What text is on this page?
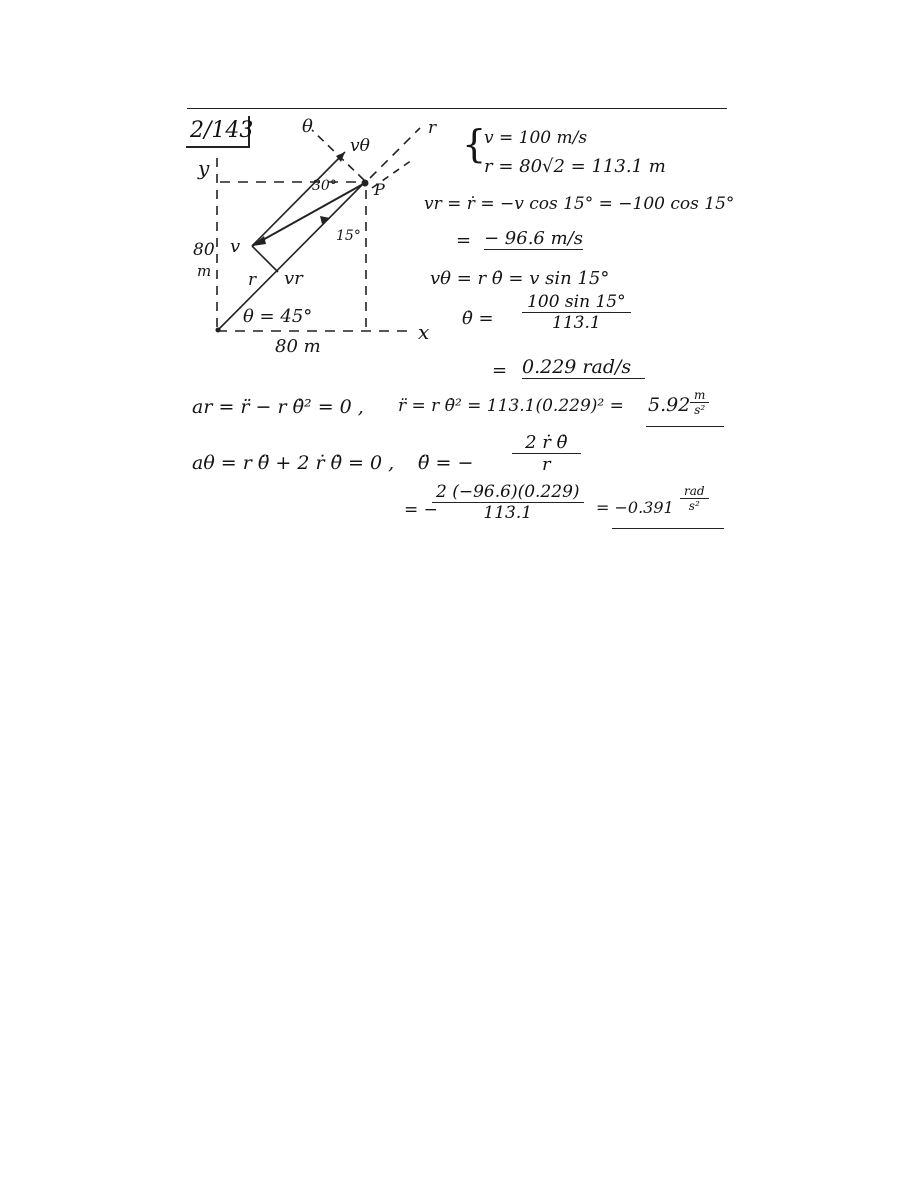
2/143
y
x
θ	r
vθ
P
30°
15°
v
r vr
80
m
θ = 45°
80 m
{
v = 100 m/s
r = 80√2 = 113.1 m
vr = ṙ = −v cos 15° = −100 cos 15°
= − 96.6 m/s
vθ = r θ̇ = v sin 15°
θ̇ = $\frac{100 \sin 15^\circ}{113.1}$
= 0.229 rad/s
ar = r̈ − r θ̇² = 0 , r̈ = r θ̇² = $113.1(0.229)^2 = 5.92 \frac{m}{\text{s²}}$
aθ = r θ̈ + 2 ṙ θ̇ = 0 , θ̈ = − $\frac{\text{2 ṙ θ̇}}{r}$
= −
$\frac{2 (-96.6)(0.229)}{113.1} = -0.391$
rad
s²
